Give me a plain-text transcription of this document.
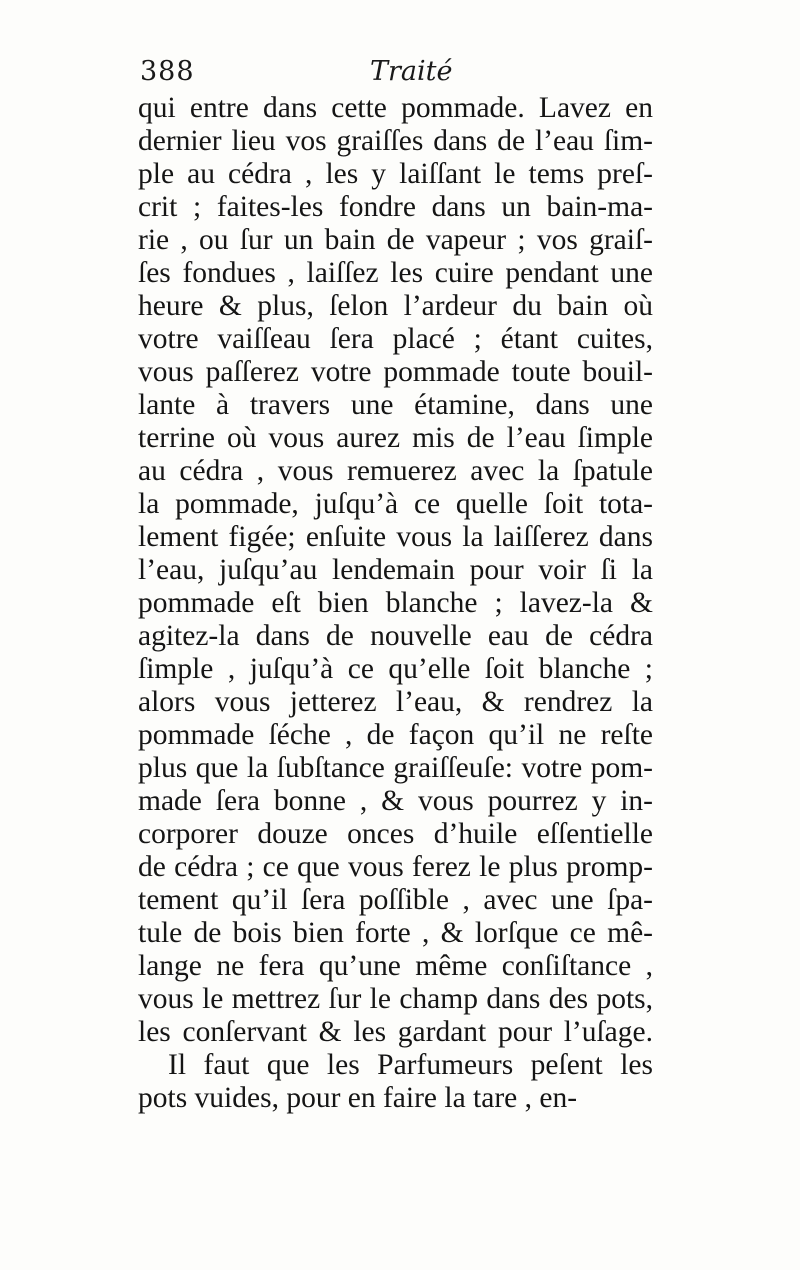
388	Traité
qui entre dans cette pommade. Lavez en
dernier lieu vos graiſſes dans de l’eau ſim-
ple au cédra , les y laiſſant le tems preſ-
crit ; faites-les fondre dans un bain-ma-
rie , ou ſur un bain de vapeur ; vos graiſ-
ſes fondues , laiſſez les cuire pendant une
heure & plus, ſelon l’ardeur du bain où
votre vaiſſeau ſera placé ; étant cuites,
vous paſſerez votre pommade toute bouil-
lante à travers une étamine, dans une
terrine où vous aurez mis de l’eau ſimple
au cédra , vous remuerez avec la ſpatule
la pommade, juſqu’à ce quelle ſoit tota-
lement figée; enſuite vous la laiſſerez dans
l’eau, juſqu’au lendemain pour voir ſi la
pommade eſt bien blanche ; lavez-la &
agitez-la dans de nouvelle eau de cédra
ſimple , juſqu’à ce qu’elle ſoit blanche ;
alors vous jetterez l’eau, & rendrez la
pommade ſéche , de façon qu’il ne reſte
plus que la ſubſtance graiſſeuſe: votre pom-
made ſera bonne , & vous pourrez y in-
corporer douze onces d’huile eſſentielle
de cédra ; ce que vous ferez le plus promp-
tement qu’il ſera poſſible , avec une ſpa-
tule de bois bien forte , & lorſque ce mê-
lange ne fera qu’une même conſiſtance ,
vous le mettrez ſur le champ dans des pots,
les conſervant & les gardant pour l’uſage.
Il faut que les Parfumeurs peſent les
pots vuides, pour en faire la tare , en-
